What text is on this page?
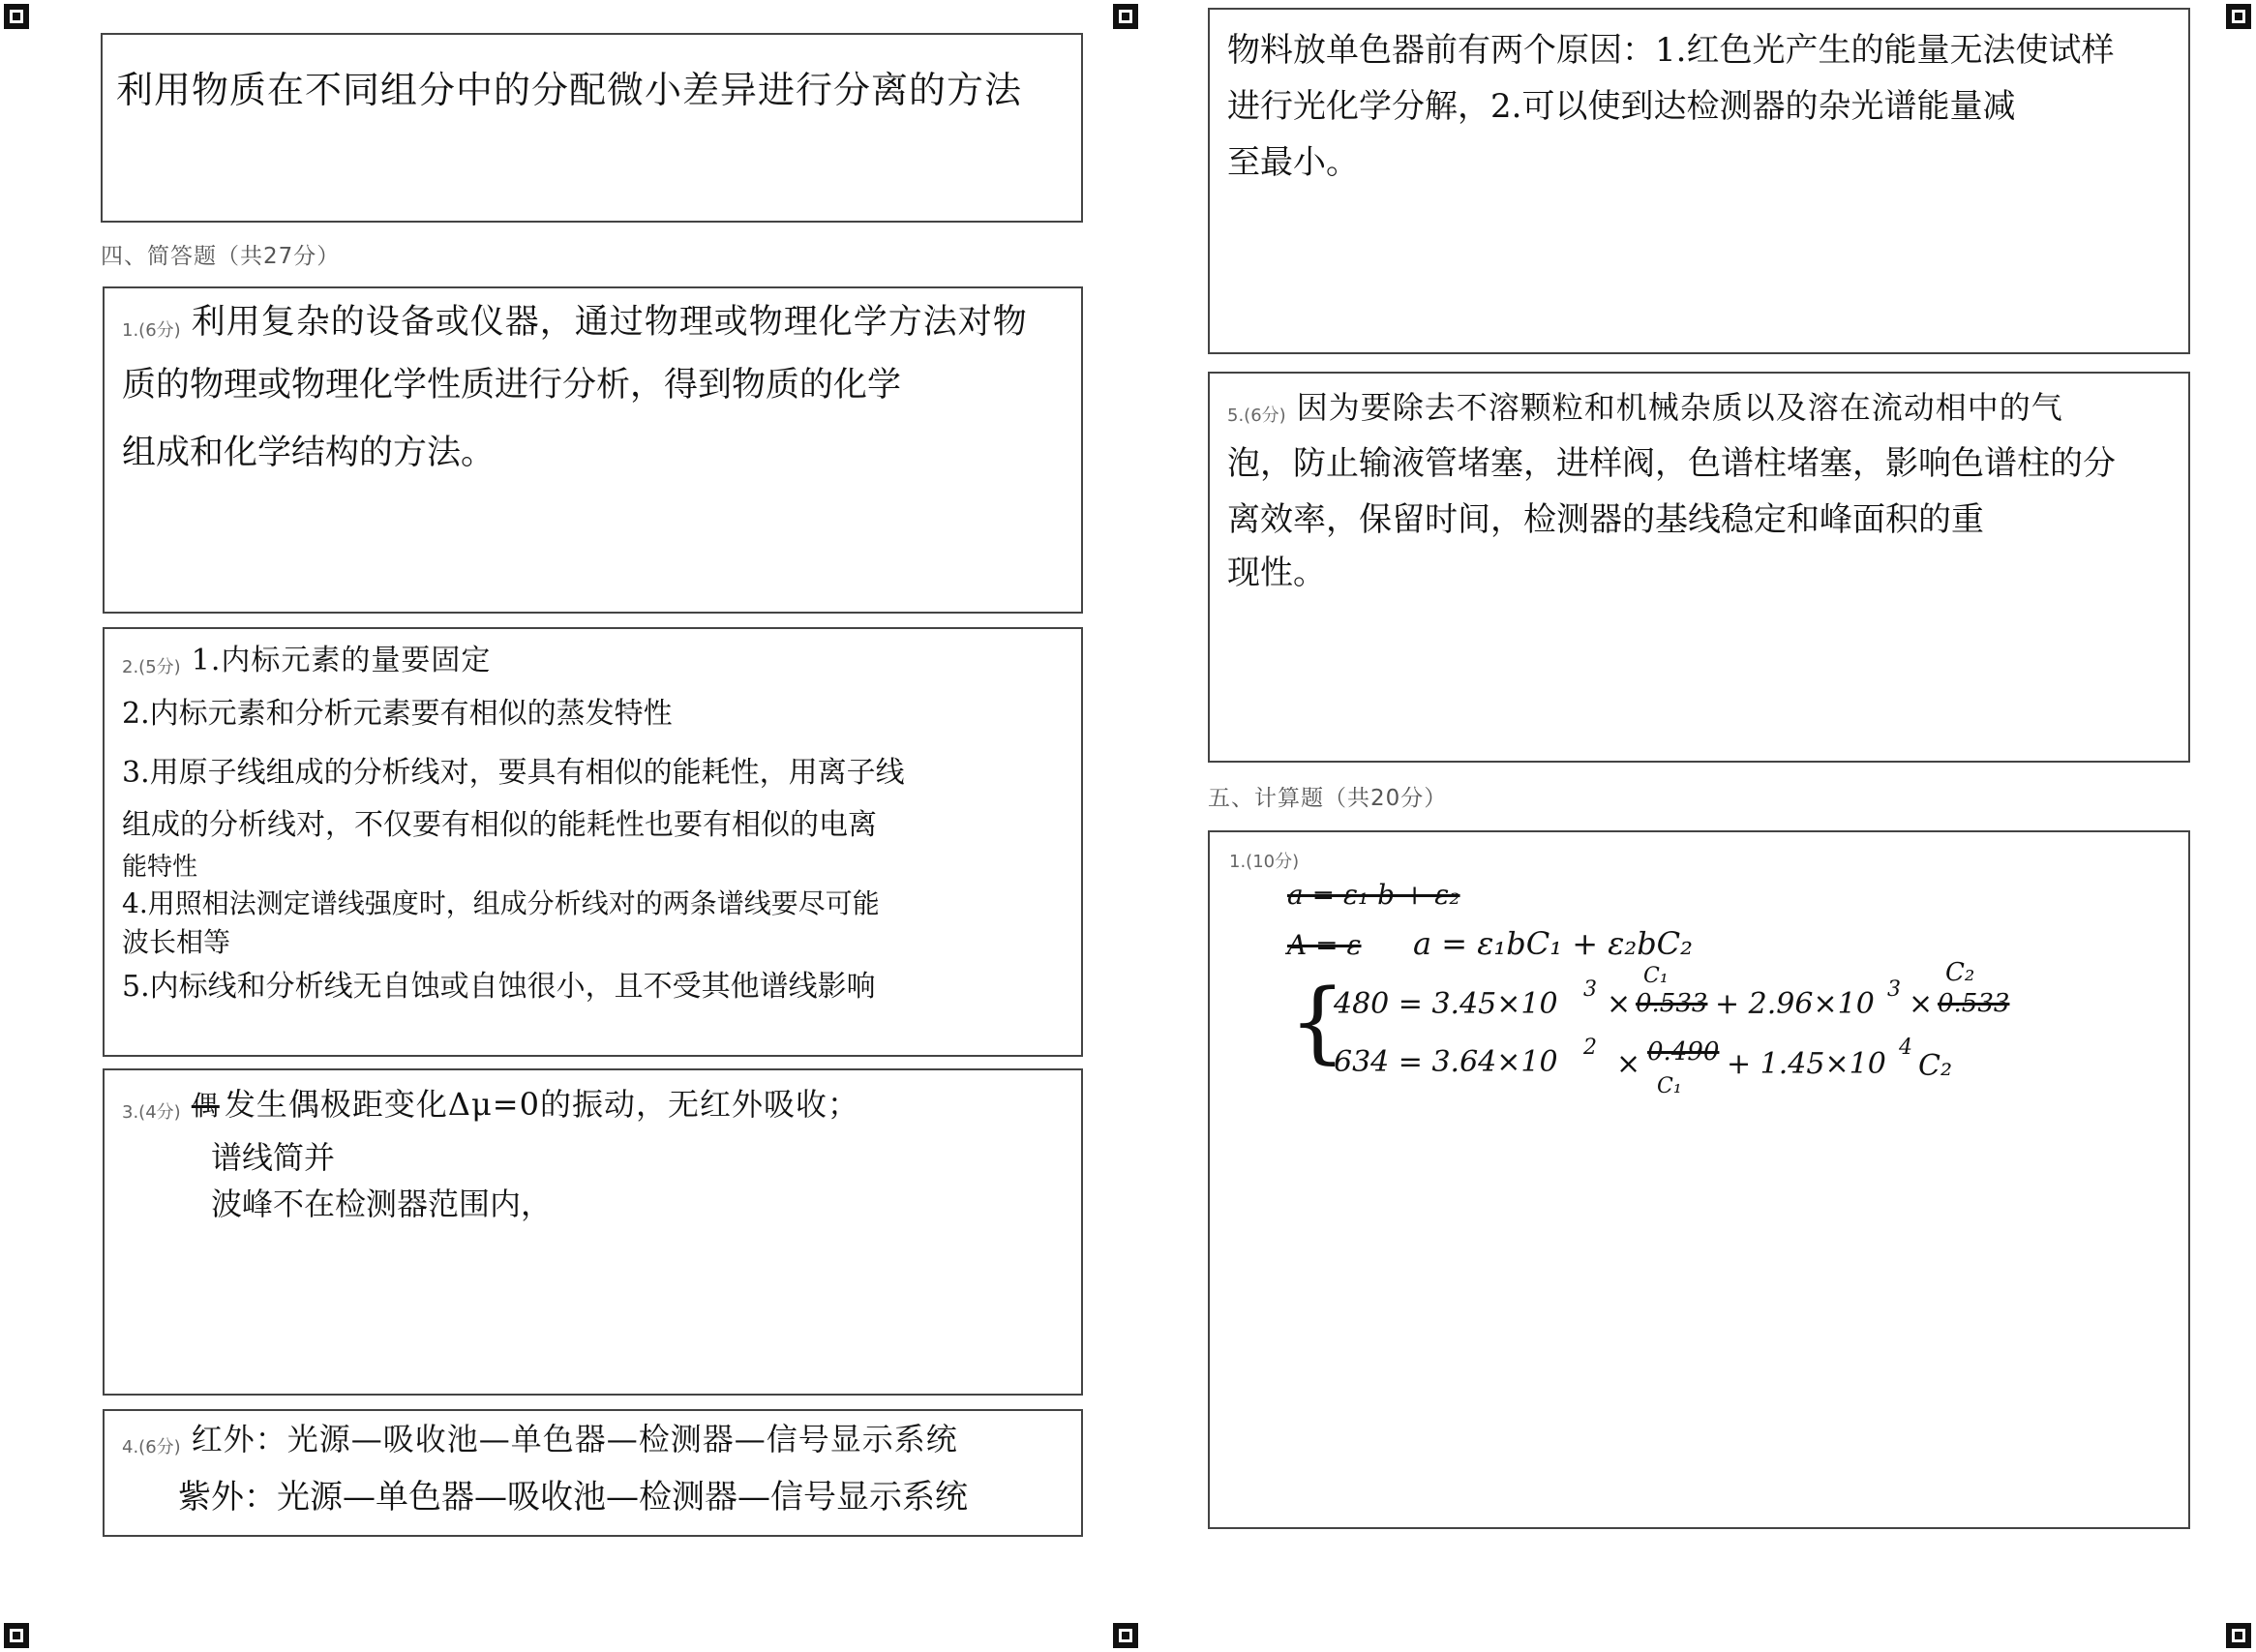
利用物质在不同组分中的分配微小差异进行分离的方法
四、简答题（共27分）
1.(6分) 利用复杂的设备或仪器，通过物理或物理化学方法对物
质的物理或物理化学性质进行分析，得到物质的化学
组成和化学结构的方法。
2.(5分) 1.内标元素的量要固定
2.内标元素和分析元素要有相似的蒸发特性
3.用原子线组成的分析线对，要具有相似的能耗性，用离子线
组成的分析线对，不仅要有相似的能耗性也要有相似的电离
能特性
4.用照相法测定谱线强度时，组成分析线对的两条谱线要尽可能
波长相等
5.内标线和分析线无自蚀或自蚀很小，且不受其他谱线影响
3.(4分) 偶 发生偶极距变化Δμ=0的振动，无红外吸收；
谱线简并
波峰不在检测器范围内，
4.(6分) 红外：光源—吸收池—单色器—检测器—信号显示系统
紫外：光源—单色器—吸收池—检测器—信号显示系统
物料放单色器前有两个原因：1.红色光产生的能量无法使试样
进行光化学分解，2.可以使到达检测器的杂光谱能量减
至最小。
5.(6分) 因为要除去不溶颗粒和机械杂质以及溶在流动相中的气
泡，防止输液管堵塞，进样阀，色谱柱堵塞，影响色谱柱的分
离效率，保留时间，检测器的基线稳定和峰面积的重
现性。
五、计算题（共20分）
1.(10分)
a = ε₁ b + ε₂
A = ε a = ε₁bC₁ + ε₂bC₂
{
480 = 3.45×10 3 ×
C₁
0.533 + 2.96×10 3 ×
C₂
0.533
634 = 3.64×10 2 × 0.490
C₁
+ 1.45×10 4
C₂
